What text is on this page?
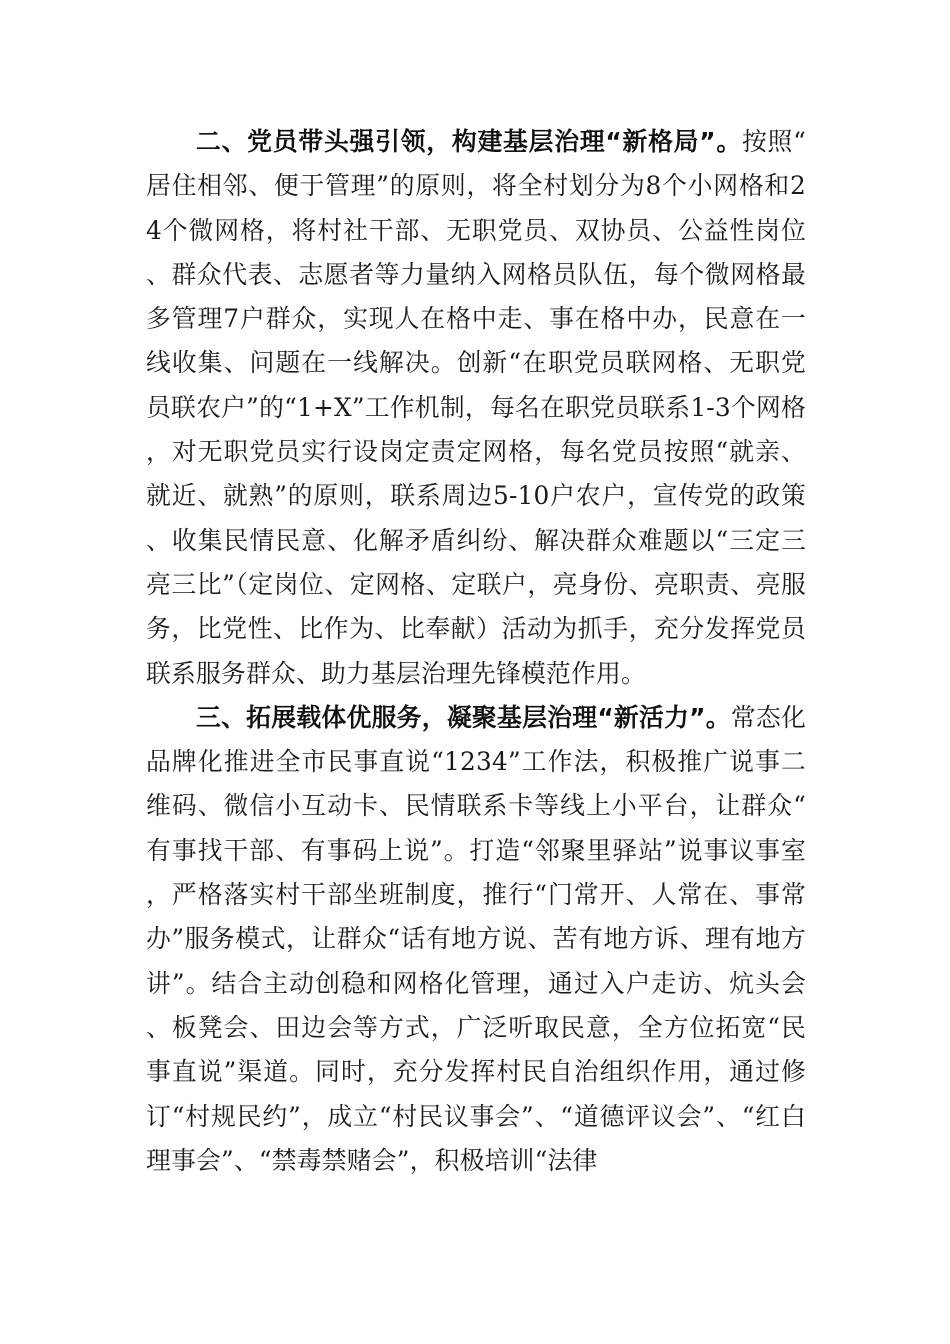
二、党员带头强引领，构建基层治理“新格局”。按照“居住相邻、便于管理”的原则，将全村划分为8个小网格和24个微网格，将村社干部、无职党员、双协员、公益性岗位、群众代表、志愿者等力量纳入网格员队伍，每个微网格最多管理7户群众，实现人在格中走、事在格中办，民意在一线收集、问题在一线解决。创新“在职党员联网格、无职党员联农户”的“1+X”工作机制，每名在职党员联系1-3个网格，对无职党员实行设岗定责定网格，每名党员按照“就亲、就近、就熟”的原则，联系周边5-10户农户，宣传党的政策、收集民情民意、化解矛盾纠纷、解决群众难题以“三定三亮三比”（定岗位、定网格、定联户，亮身份、亮职责、亮服务，比党性、比作为、比奉献）活动为抓手，充分发挥党员联系服务群众、助力基层治理先锋模范作用。

三、拓展载体优服务，凝聚基层治理“新活力”。常态化品牌化推进全市民事直说“1234”工作法，积极推广说事二维码、微信小互动卡、民情联系卡等线上小平台，让群众“有事找干部、有事码上说”。打造“邻聚里驿站”说事议事室，严格落实村干部坐班制度，推行“门常开、人常在、事常办”服务模式，让群众“话有地方说、苦有地方诉、理有地方讲”。结合主动创稳和网格化管理，通过入户走访、炕头会、板凳会、田边会等方式，广泛听取民意，全方位拓宽“民事直说”渠道。同时，充分发挥村民自治组织作用，通过修订“村规民约”，成立“村民议事会”、“道德评议会”、“红白理事会”、“禁毒禁赌会”，积极培训“法律
